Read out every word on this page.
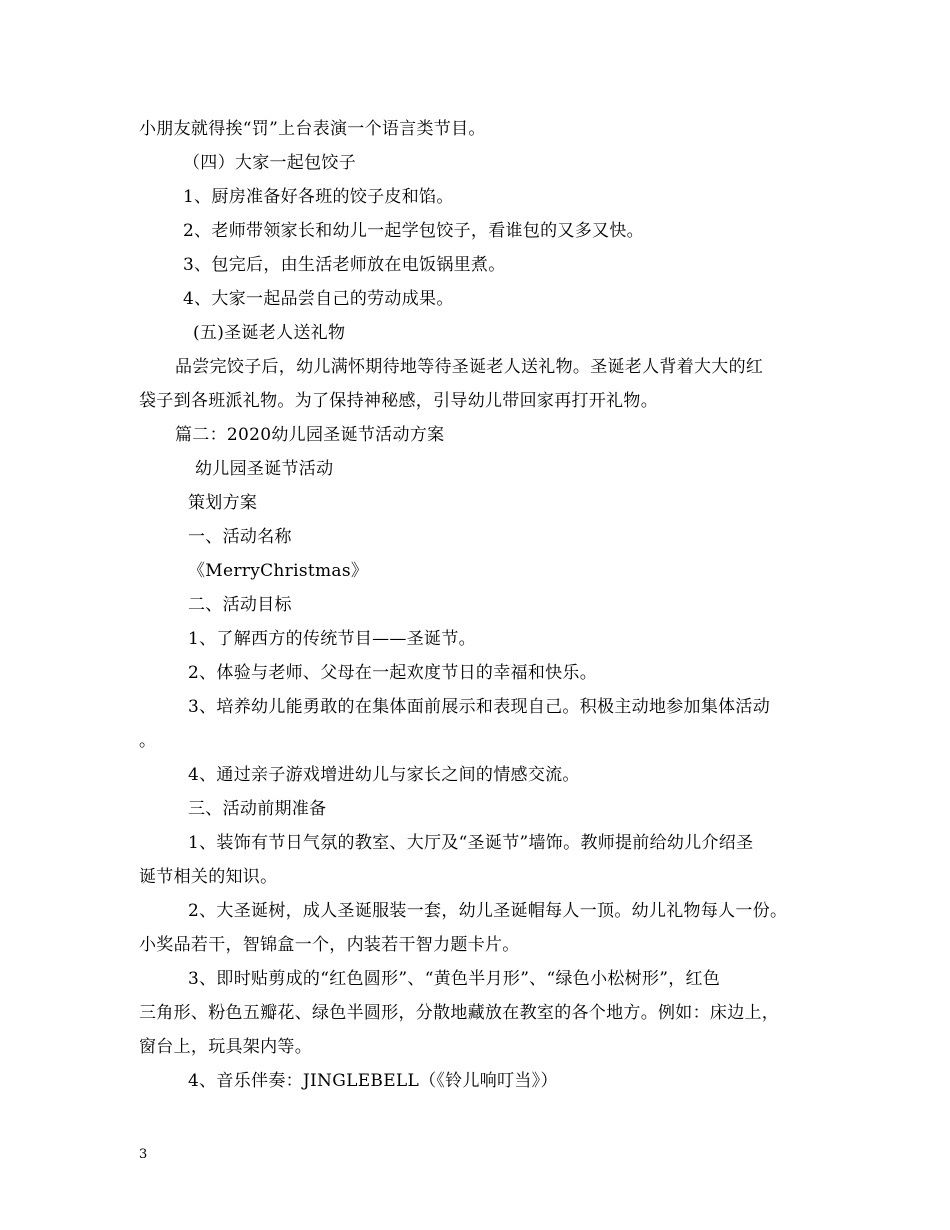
小朋友就得挨“罚”上台表演一个语言类节目。
（四）大家一起包饺子
1、厨房准备好各班的饺子皮和馅。
2、老师带领家长和幼儿一起学包饺子，看谁包的又多又快。
3、包完后，由生活老师放在电饭锅里煮。
4、大家一起品尝自己的劳动成果。
(五)圣诞老人送礼物
品尝完饺子后，幼儿满怀期待地等待圣诞老人送礼物。圣诞老人背着大大的红
袋子到各班派礼物。为了保持神秘感，引导幼儿带回家再打开礼物。
篇二：2020幼儿园圣诞节活动方案
幼儿园圣诞节活动
策划方案
一、活动名称
《MerryChristmas》
二、活动目标
1、了解西方的传统节目——圣诞节。
2、体验与老师、父母在一起欢度节日的幸福和快乐。
3、培养幼儿能勇敢的在集体面前展示和表现自己。积极主动地参加集体活动
。
4、通过亲子游戏增进幼儿与家长之间的情感交流。
三、活动前期准备
1、装饰有节日气氛的教室、大厅及“圣诞节”墙饰。教师提前给幼儿介绍圣
诞节相关的知识。
2、大圣诞树，成人圣诞服装一套，幼儿圣诞帽每人一顶。幼儿礼物每人一份。
小奖品若干，智锦盒一个，内装若干智力题卡片。
3、即时贴剪成的“红色圆形”、“黄色半月形”、“绿色小松树形”，红色
三角形、粉色五瓣花、绿色半圆形，分散地藏放在教室的各个地方。例如：床边上，
窗台上，玩具架内等。
4、音乐伴奏：JINGLEBELL（《铃儿响叮当》）
3
